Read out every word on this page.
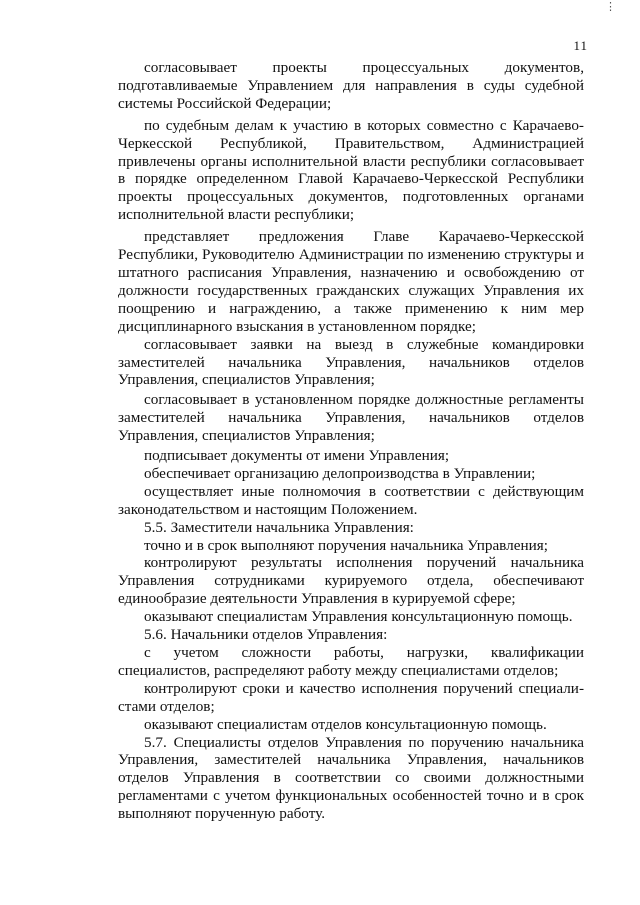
⋮
11

согласовывает проекты процессуальных документов, подготавливаемые Управлением для направления в суды судебной системы Российской Федерации;

по судебным делам к участию в которых совместно с Карачаево-Черкесской Республикой, Правительством, Администрацией привлечены органы исполнительной власти республики согласовывает в порядке определенном Главой Карачаево-Черкесской Республики проекты процессуальных документов, подготовленных органами исполнительной власти республики;

представляет предложения Главе Карачаево-Черкесской Республики, Руководителю Администрации по изменению структуры и штатного расписания Управления, назначению и освобождению от должности государственных гражданских служащих Управления их поощрению и награждению, а также применению к ним мер дисциплинарного взыскания в установленном порядке;

согласовывает заявки на выезд в служебные командировки заместителей начальника Управления, начальников отделов Управления, специалистов Управления;

согласовывает в установленном порядке должностные регламенты заместителей начальника Управления, начальников отделов Управления, специалистов Управления;

подписывает документы от имени Управления;

обеспечивает организацию делопроизводства в Управлении;

осуществляет иные полномочия в соответствии с действующим законодательством и настоящим Положением.

5.5. Заместители начальника Управления:

точно и в срок выполняют поручения начальника Управления;

контролируют результаты исполнения поручений начальника Управления сотрудниками курируемого отдела, обеспечивают единообразие деятельности Управления в курируемой сфере;

оказывают специалистам Управления консультационную помощь.

5.6. Начальники отделов Управления:

с учетом сложности работы, нагрузки, квалификации специалистов, распределяют работу между специалистами отделов;

контролируют сроки и качество исполнения поручений специалистами отделов;

оказывают специалистам отделов консультационную помощь.

5.7. Специалисты отделов Управления по поручению начальника Управления, заместителей начальника Управления, начальников отделов Управления в соответствии со своими должностными регламентами с учетом функциональных особенностей точно и в срок выполняют порученную работу.
